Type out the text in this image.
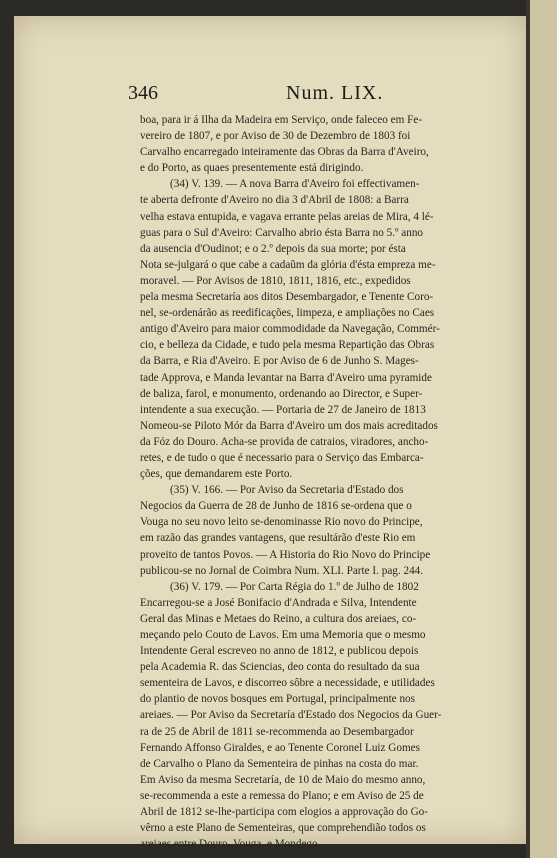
346	Num. LIX.
boa, para ir á Ilha da Madeira em Serviço, onde faleceo em Fe-
vereiro de 1807, e por Aviso de 30 de Dezembro de 1803 foi
Carvalho encarregado inteiramente das Obras da Barra d'Aveiro,
e do Porto, as quaes presentemente está dirigindo.
(34) V. 139. — A nova Barra d'Aveiro foi effectivamen-
te aberta defronte d'Aveiro no dia 3 d'Abril de 1808: a Barra
velha estava entupida, e vagava errante pelas areias de Mira, 4 lé-
guas para o Sul d'Aveiro: Carvalho abrio ésta Barra no 5.º anno
da ausencia d'Oudinot; e o 2.º depois da sua morte; por ésta
Nota se-julgará o que cabe a cadaũm da glória d'ésta empreza me-
moravel. — Por Avisos de 1810, 1811, 1816, etc., expedidos
pela mesma Secretaría aos ditos Desembargador, e Tenente Coro-
nel, se-ordenárão as reedificações, limpeza, e ampliações no Caes
antigo d'Aveiro para maior commodidade da Navegação, Commér-
cio, e belleza da Cidade, e tudo pela mesma Repartição das Obras
da Barra, e Ria d'Aveiro. E por Aviso de 6 de Junho S. Mages-
tade Approva, e Manda levantar na Barra d'Aveiro uma pyramide
de baliza, farol, e monumento, ordenando ao Director, e Super-
intendente a sua execução. — Portaria de 27 de Janeiro de 1813
Nomeou-se Piloto Mór da Barra d'Aveiro um dos mais acreditados
da Fóz do Douro. Acha-se provida de catraios, viradores, ancho-
retes, e de tudo o que é necessario para o Serviço das Embarca-
ções, que demandarem este Porto.
(35) V. 166. — Por Aviso da Secretaria d'Estado dos
Negocios da Guerra de 28 de Junho de 1816 se-ordena que o
Vouga no seu novo leito se-denominasse Rio novo do Principe,
em razão das grandes vantagens, que resultárão d'este Rio em
proveito de tantos Povos. — A Historia do Rio Novo do Principe
publicou-se no Jornal de Coimbra Num. XLI. Parte I. pag. 244.
(36) V. 179. — Por Carta Régia do 1.º de Julho de 1802
Encarregou-se a José Bonifacio d'Andrada e Silva, Intendente
Geral das Minas e Metaes do Reino, a cultura dos areiaes, co-
meçando pelo Couto de Lavos. Em uma Memoria que o mesmo
Intendente Geral escreveo no anno de 1812, e publicou depois
pela Academia R. das Sciencias, deo conta do resultado da sua
sementeira de Lavos, e discorreo sôbre a necessidade, e utilidades
do plantio de novos bosques em Portugal, principalmente nos
areiaes. — Por Aviso da Secretaría d'Estado dos Negocios da Guer-
ra de 25 de Abril de 1811 se-recommenda ao Desembargador
Fernando Affonso Giraldes, e ao Tenente Coronel Luiz Gomes
de Carvalho o Plano da Sementeira de pinhas na costa do mar.
Em Aviso da mesma Secretaría, de 10 de Maio do mesmo anno,
se-recommenda a este a remessa do Plano; e em Aviso de 25 de
Abril de 1812 se-lhe-participa com elogios a approvação do Go-
vêrno a este Plano de Sementeiras, que comprehendião todos os
areiaes entre Douro, Vouga, e Mondego.
